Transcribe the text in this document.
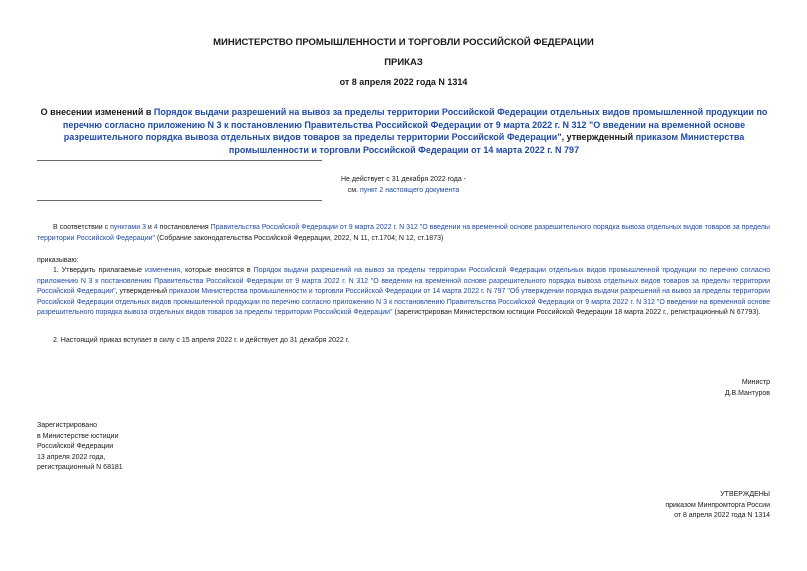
МИНИСТЕРСТВО ПРОМЫШЛЕННОСТИ И ТОРГОВЛИ РОССИЙСКОЙ ФЕДЕРАЦИИ
ПРИКАЗ
от 8 апреля 2022 года N 1314
О внесении изменений в Порядок выдачи разрешений на вывоз за пределы территории Российской Федерации отдельных видов промышленной продукции по перечню согласно приложению N 3 к постановлению Правительства Российской Федерации от 9 марта 2022 г. N 312 "О введении на временной основе разрешительного порядка вывоза отдельных видов товаров за пределы территории Российской Федерации", утвержденный приказом Министерства промышленности и торговли Российской Федерации от 14 марта 2022 г. N 797
Не действует с 31 декабря 2022 года -
см. пункт 2 настоящего документа
В соответствии с пунктами 3 и 4 постановления Правительства Российской Федерации от 9 марта 2022 г. N 312 "О введении на временной основе разрешительного порядка вывоза отдельных видов товаров за пределы территории Российской Федерации" (Собрание законодательства Российской Федерации, 2022, N 11, ст.1704; N 12, ст.1873)
приказываю:
1. Утвердить прилагаемые изменения, которые вносятся в Порядок выдачи разрешений на вывоз за пределы территории Российской Федерации отдельных видов промышленной продукции по перечню согласно приложению N 3 к постановлению Правительства Российской Федерации от 9 марта 2022 г. N 312 "О введении на временной основе разрешительного порядка вывоза отдельных видов товаров за пределы территории Российской Федерации", утвержденный приказом Министерства промышленности и торговли Российской Федерации от 14 марта 2022 г. N 797 "Об утверждении порядка выдачи разрешений на вывоз за пределы территории Российской Федерации отдельных видов промышленной продукции по перечню согласно приложению N 3 к постановлению Правительства Российской Федерации от 9 марта 2022 г. N 312 "О введении на временной основе разрешительного порядка вывоза отдельных видов товаров за пределы территории Российской Федерации" (зарегистрирован Министерством юстиции Российской Федерации 18 марта 2022 г., регистрационный N 67793).
2. Настоящий приказ вступает в силу с 15 апреля 2022 г. и действует до 31 декабря 2022 г.
Министр
Д.В.Мантуров
Зарегистрировано
в Министерстве юстиции
Российской Федерации
13 апреля 2022 года,
регистрационный N 68181
УТВЕРЖДЕНЫ
приказом Минпромторга России
от 8 апреля 2022 года N 1314
